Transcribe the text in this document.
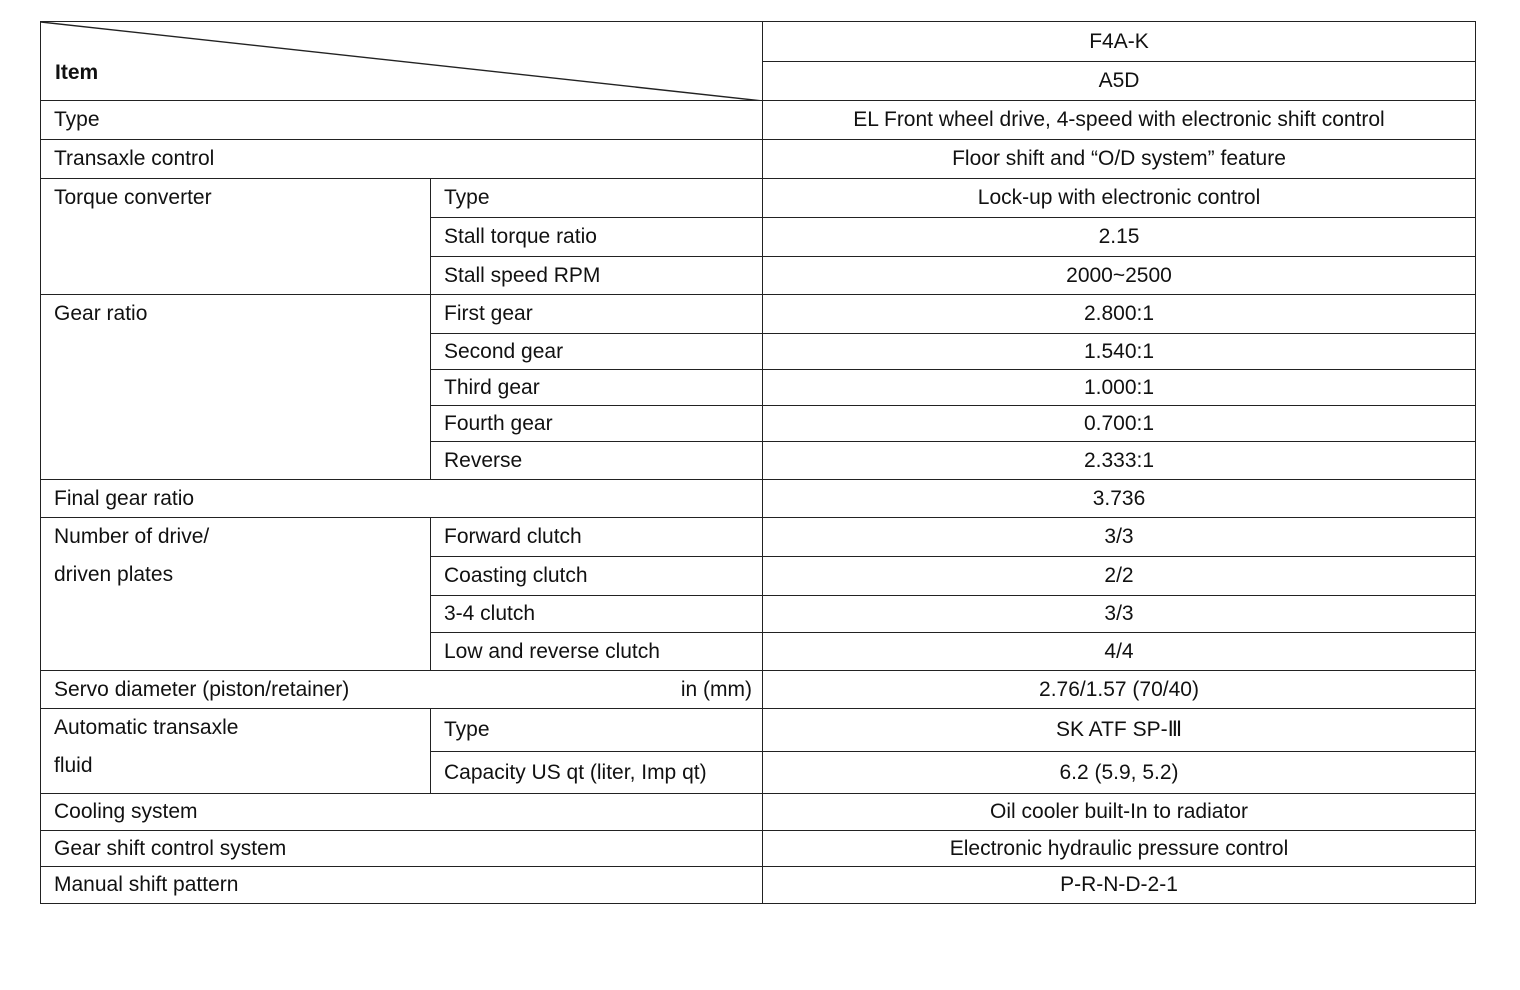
Item		F4A-K
		A5D
Type		EL Front wheel drive, 4-speed with electronic shift control
Transaxle control		Floor shift and “O/D system” feature

Torque converter	Type	Lock-up with electronic control
	Stall torque ratio	2.15
	Stall speed RPM	2000~2500

Gear ratio	First gear	2.800:1
	Second gear	1.540:1
	Third gear	1.000:1
	Fourth gear	0.700:1
	Reverse	2.333:1
Final gear ratio		3.736

Number of drive/
driven plates	Forward clutch	3/3
	Coasting clutch	2/2
	3-4 clutch	3/3
	Low and reverse clutch	4/4
Servo diameter (piston/retainer) in (mm)		2.76/1.57 (70/40)

Automatic transaxle
fluid	Type	SK ATF SP-Ⅲ
	Capacity US qt (liter, Imp qt)	6.2 (5.9, 5.2)
Cooling system		Oil cooler built-In to radiator
Gear shift control system		Electronic hydraulic pressure control
Manual shift pattern		P-R-N-D-2-1
